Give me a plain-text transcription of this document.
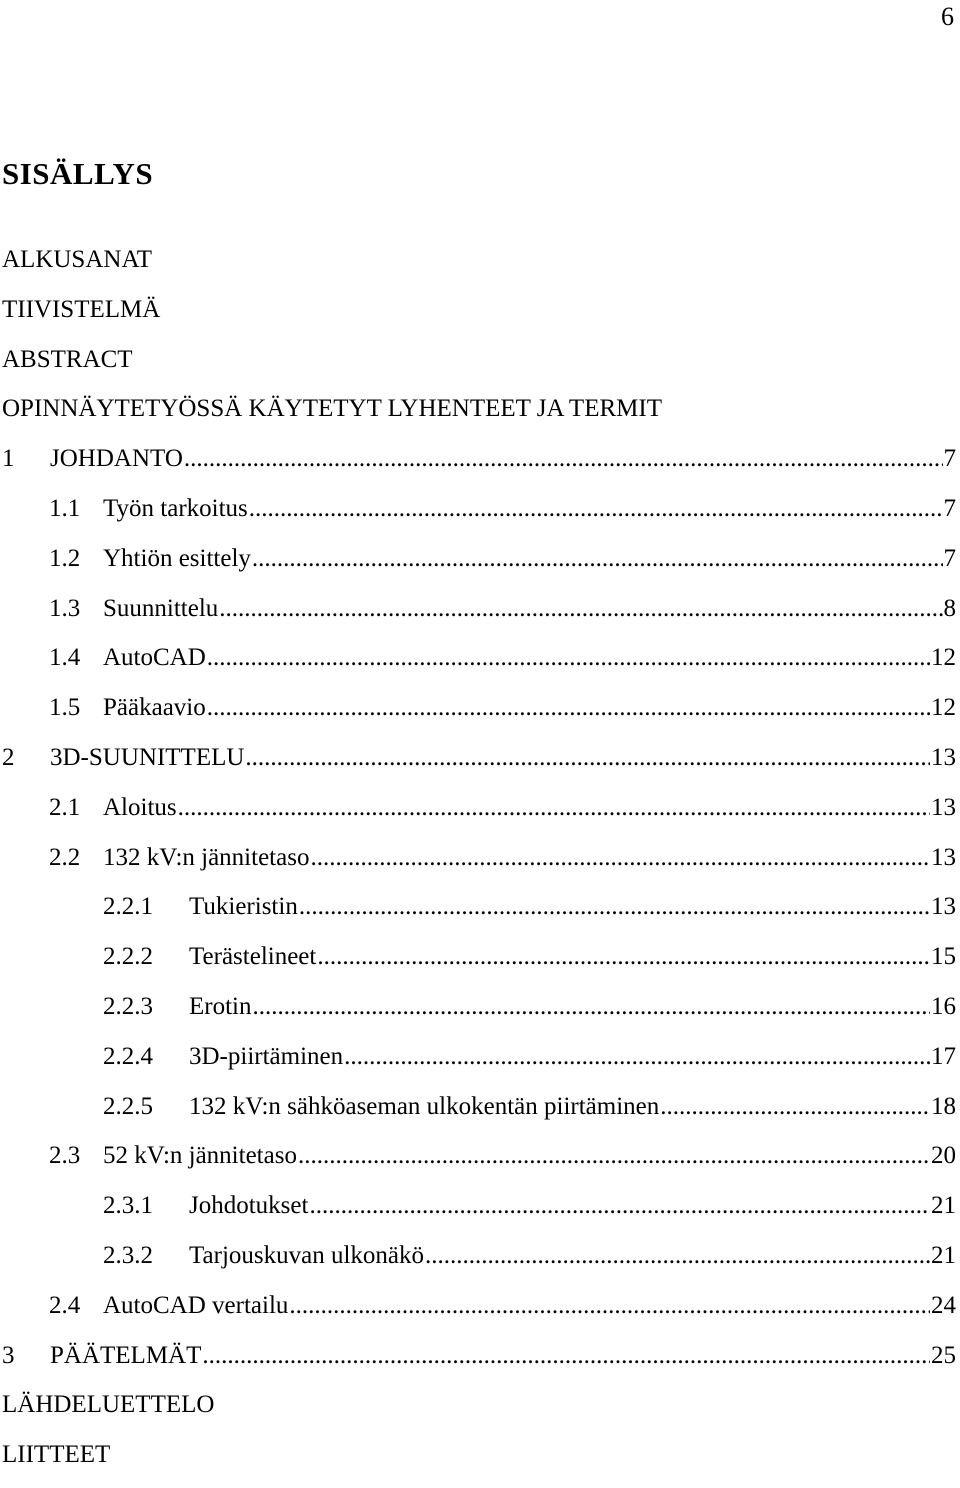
6
SISÄLLYS
ALKUSANAT
TIIVISTELMÄ
ABSTRACT
OPINNÄYTETYÖSSÄ KÄYTETYT LYHENTEET JA TERMIT
1	JOHDANTO .....	7
1.1 Työn tarkoitus .....	7
1.2 Yhtiön esittely .....	7
1.3 Suunnittelu .....	8
1.4 AutoCAD .....	12
1.5 Pääkaavio .....	12
2	3D-SUUNITTELU .....	13
2.1 Aloitus .....	13
2.2 132 kV:n jännitetaso .....	13
2.2.1	Tukieristin .....	13
2.2.2	Terästelineet .....	15
2.2.3	Erotin .....	16
2.2.4	3D-piirtäminen .....	17
2.2.5	132 kV:n sähköaseman ulkokentän piirtäminen .....	18
2.3 52 kV:n jännitetaso .....	20
2.3.1	Johdotukset .....	21
2.3.2	Tarjouskuvan ulkonäkö .....	21
2.4 AutoCAD vertailu .....	24
3	PÄÄTELMÄT .....	25
LÄHDELUETTELO
LIITTEET
